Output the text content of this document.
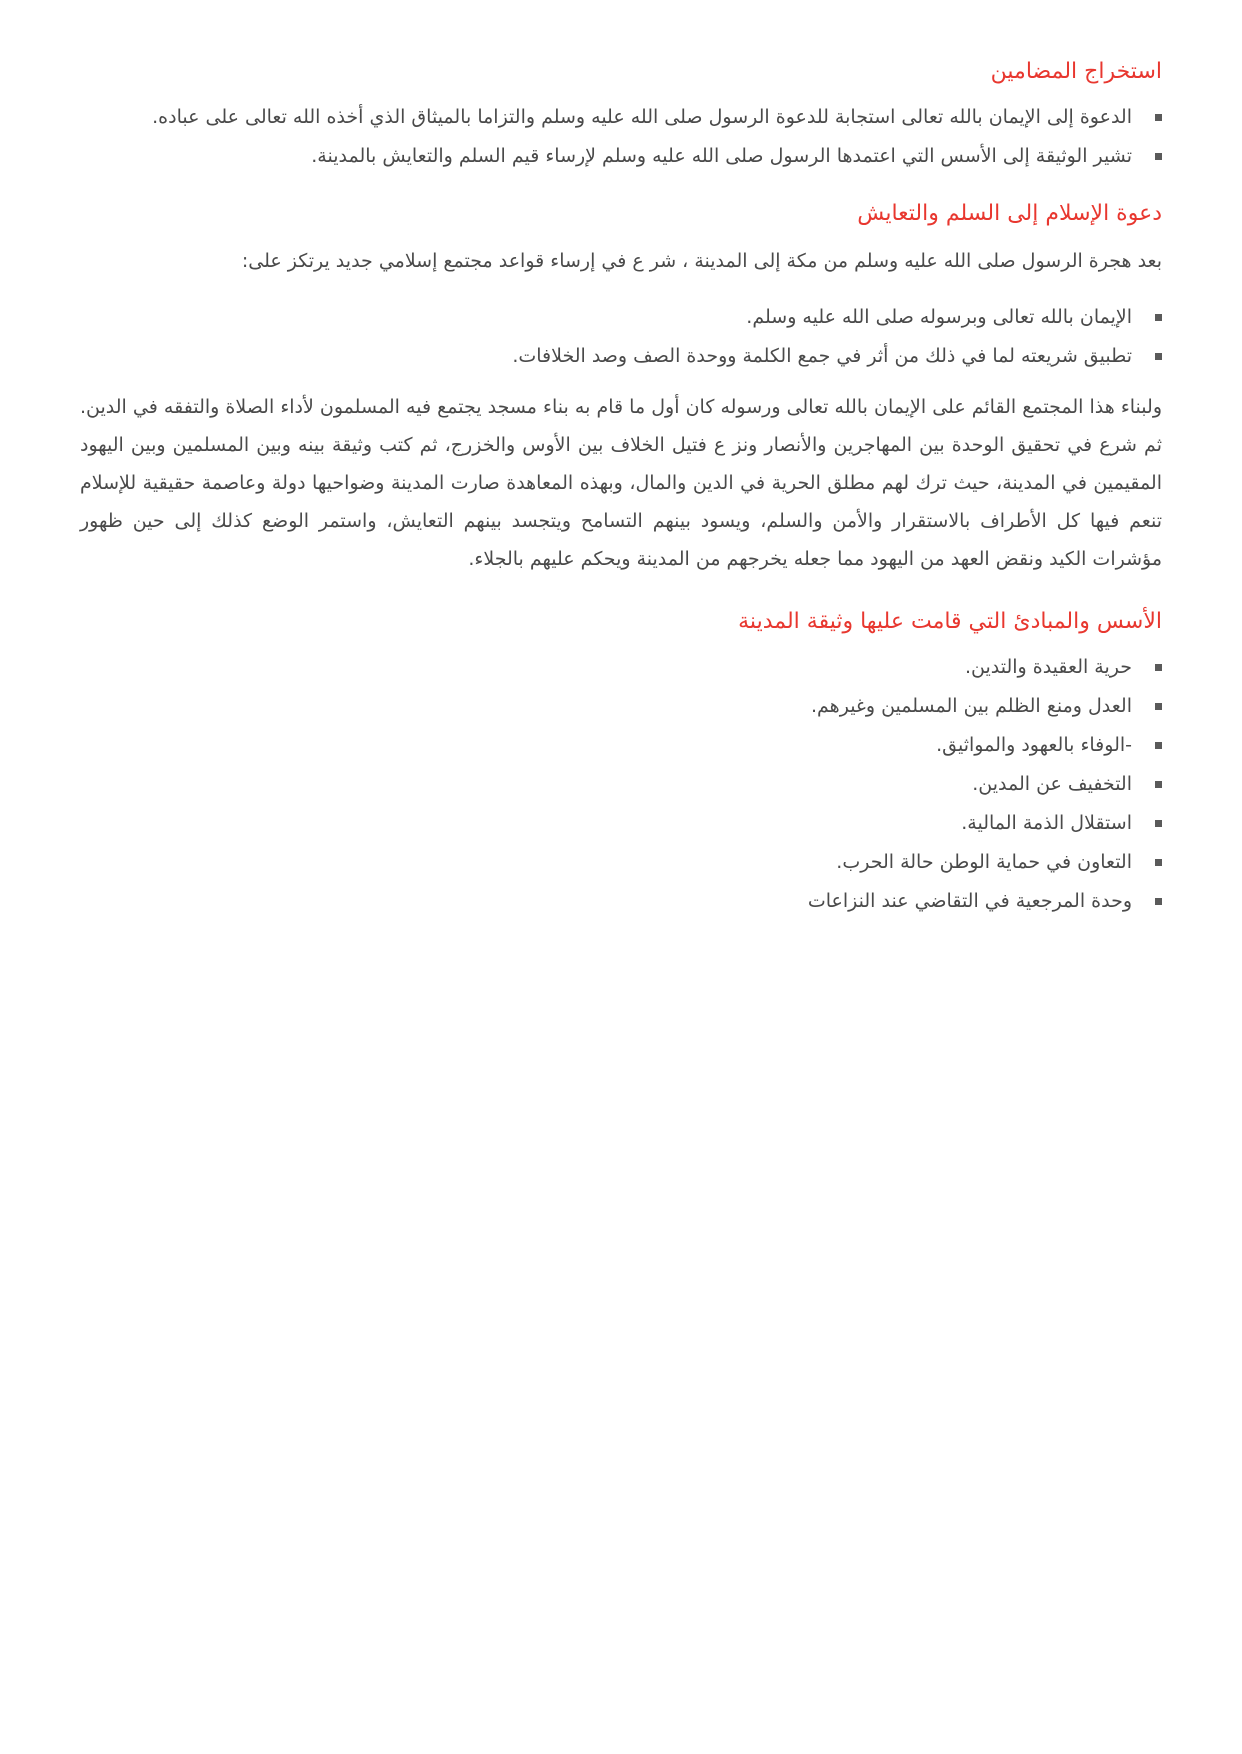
استخراج المضامين
الدعوة إلى الإيمان بالله تعالى استجابة للدعوة الرسول صلى الله عليه وسلم والتزاما بالميثاق الذي أخذه الله تعالى على عباده.
تشير الوثيقة إلى الأسس التي اعتمدها الرسول صلى الله عليه وسلم لإرساء قيم السلم والتعايش بالمدينة.
دعوة الإسلام إلى السلم والتعايش

بعد هجرة الرسول صلى الله عليه وسلم من مكة إلى المدينة ، شر ع في إرساء قواعد مجتمع إسلامي جديد يرتكز على:

الإيمان بالله تعالى وبرسوله صلى الله عليه وسلم.
تطبيق شريعته لما في ذلك من أثر في جمع الكلمة ووحدة الصف وصد الخلافات.

ولبناء هذا المجتمع القائم على الإيمان بالله تعالى ورسوله كان أول ما قام به بناء مسجد يجتمع فيه المسلمون لأداء الصلاة والتفقه في الدين. ثم شرع في تحقيق الوحدة بين المهاجرين والأنصار ونز ع فتيل الخلاف بين الأوس والخزرج، ثم كتب وثيقة بينه وبين المسلمين وبين اليهود المقيمين في المدينة، حيث ترك لهم مطلق الحرية في الدين والمال، وبهذه المعاهدة صارت المدينة وضواحيها دولة وعاصمة حقيقية للإسلام تنعم فيها كل الأطراف بالاستقرار والأمن والسلم، ويسود بينهم التسامح ويتجسد بينهم التعايش، واستمر الوضع كذلك إلى حين ظهور مؤشرات الكيد ونقض العهد من اليهود مما جعله يخرجهم من المدينة ويحكم عليهم بالجلاء.

الأسس والمبادئ التي قامت عليها وثيقة المدينة
حرية العقيدة والتدين.
العدل ومنع الظلم بين المسلمين وغيرهم.
-الوفاء بالعهود والمواثيق.
التخفيف عن المدين.
استقلال الذمة المالية.
التعاون في حماية الوطن حالة الحرب.
وحدة المرجعية في التقاضي عند النزاعات
